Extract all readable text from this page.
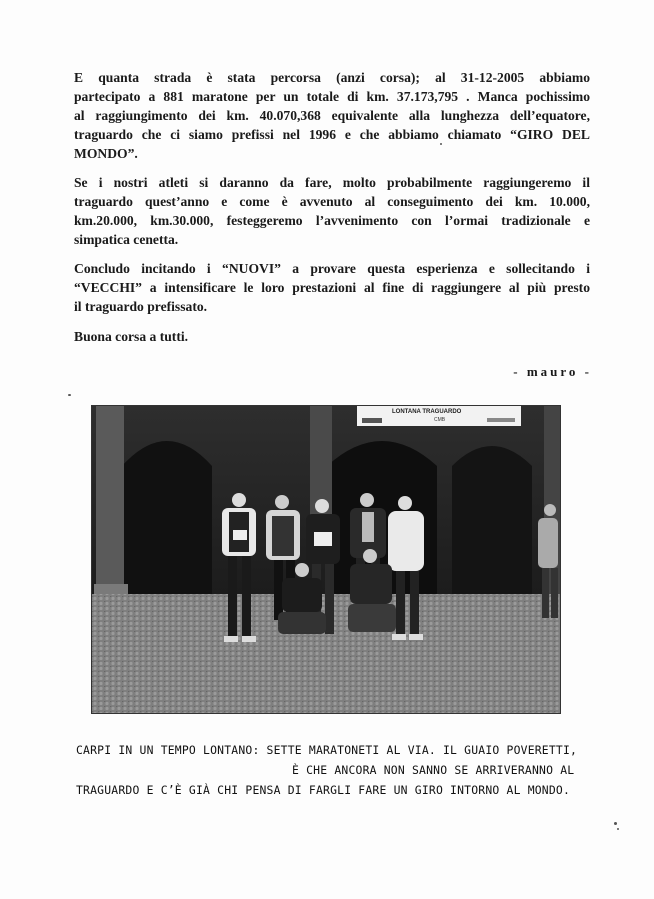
E quanta strada è stata percorsa (anzi corsa); al 31-12-2005 abbiamo
partecipato a 881 maratone per un totale di km. 37.173,795 . Manca pochissimo
al raggiungimento dei km. 40.070,368 equivalente alla lunghezza dell’equatore,
traguardo che ci siamo prefissi nel 1996 e che abbiamo chiamato “GIRO DEL
MONDO”.
Se i nostri atleti si daranno da fare, molto probabilmente raggiungeremo il
traguardo quest’anno e come è avvenuto al conseguimento dei km. 10.000,
km.20.000, km.30.000, festeggeremo l’avvenimento con l’ormai tradizionale e
simpatica cenetta.
Concludo incitando i “NUOVI” a provare questa esperienza e sollecitando i
“VECCHI” a intensificare le loro prestazioni al fine di raggiungere al più presto
il traguardo prefissato.
Buona corsa a tutti.
- mauro -
LONTANA TRAGUARDO
CMB
CARPI IN UN TEMPO LONTANO: SETTE MARATONETI AL VIA. IL GUAIO POVERETTI,
È CHE ANCORA NON SANNO SE ARRIVERANNO AL
TRAGUARDO E C’È GIÀ CHI PENSA DI FARGLI FARE UN GIRO INTORNO AL MONDO.
